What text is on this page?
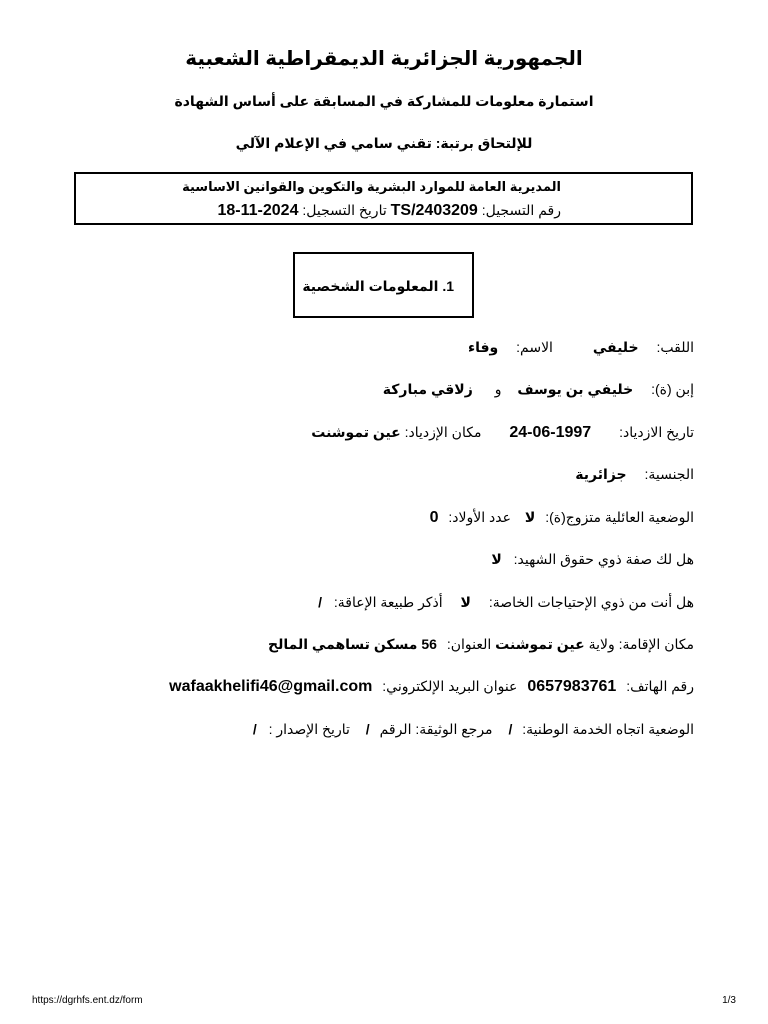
الجمهورية الجزائرية الديمقراطية الشعبية
استمارة معلومات للمشاركة في المسابقة على أساس الشهادة
للإلتحاق برتبة: تقني سامي في الإعلام الآلي
المديرية العامة للموارد البشرية والتكوين والقوانين الاساسية
رقم التسجيل: TS/2403209 تاريخ التسجيل: 2024-11-18
1. المعلومات الشخصية
اللقب: خليفي الاسم: وفاء
إبن (ة): خليفي بن يوسف و زلاقي مباركة
تاريخ الازدياد: 1997-06-24 مكان الإزدياد: عين تموشنت
الجنسية: جزائرية
الوضعية العائلية متزوج(ة): لا عدد الأولاد: 0
هل لك صفة ذوي حقوق الشهيد: لا
هل أنت من ذوي الإحتياجات الخاصة: لا أذكر طبيعة الإعاقة: /
مكان الإقامة: ولاية عين تموشنت العنوان: 56 مسكن تساهمي المالح
رقم الهاتف: 0657983761 عنوان البريد الإلكتروني: wafaakhelifi46@gmail.com
الوضعية اتجاه الخدمة الوطنية: / مرجع الوثيقة: الرقم / تاريخ الإصدار : /
https://dgrhfs.ent.dz/form	1/3
